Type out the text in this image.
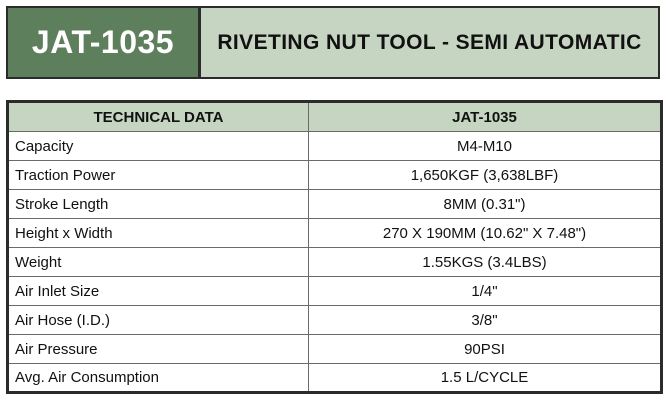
JAT-1035	RIVETING NUT TOOL - SEMI AUTOMATIC
TECHNICAL DATA	JAT-1035
Capacity	M4-M10
Traction Power	1,650KGF (3,638LBF)
Stroke Length	8MM (0.31")
Height x Width	270 X 190MM (10.62" X 7.48")
Weight	1.55KGS (3.4LBS)
Air Inlet Size	1/4"
Air Hose (I.D.)	3/8"
Air Pressure	90PSI
Avg. Air Consumption	1.5 L/CYCLE
